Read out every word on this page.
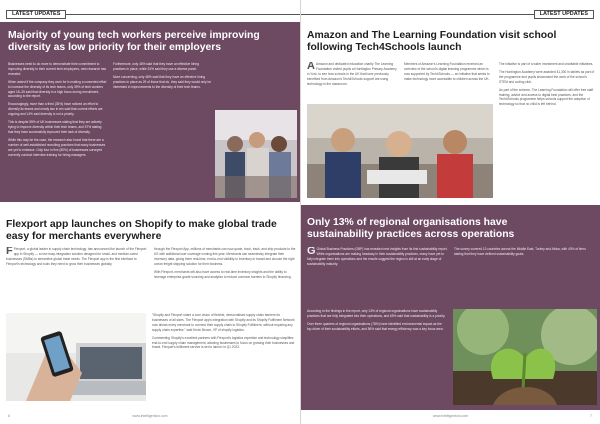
LATEST UPDATES
Majority of young tech workers perceive improving diversity as low priority for their employers

Businesses need to do more to demonstrate their commitment to improving diversity to their current tech employees, new research has revealed.

When asked if the company they work for is making a concerted effort to increase the diversity of its tech teams, only 39% of tech workers aged 18–35 said that diversity is a high focus during recruitment, according to the report.

Encouragingly, more than a third (35%) have noticed an effort to diversify its teams and nearly two in ten said that current efforts are ongoing and 14% said diversity is not a priority.

This is despite 55% of UK businesses stating that they are actively trying to improve diversity within their tech teams, and 57% stating that they have successfully improved their lack of diversity.

While this may be the case, the research also found that there are a number of well-established recruiting practices that many businesses are yet to embrace. Only four in five (80%) of businesses surveyed currently conduct interview training for hiring managers.

Furthermore, only 48% said that they have an effective hiring practices in place, while 33% said they use a diverse panel.

More concerning, only 48% said that they have an effective hiring practices in place as 29 of those that do, they said they would only be interested in improvements to the diversity of their tech teams.

Flexport app launches on Shopify to make global trade easy for merchants everywhere

F Flexport, a global leader in supply chain technology, has announced the launch of the Flexport app in Shopify — a new easy-integration solution designed for small- and medium-sized businesses (SMBs) to streamline global trade needs. The Flexport app is the first interface to Flexport's technology and tools they need to grow their businesses globally.

through the Flexport App, millions of merchants can now quote, book, track, and ship products to the US with additional user coverage coming this year. Merchants can seamlessly integrate their inventory data, giving them real-time, end-to-end visibility to inventory in transit and choose the right ocean freight shipping solution for their business.

With Flexport, merchants will also have access to real-time inventory insights and the ability to leverage enterprise-grade sourcing and analytics to reduce common barriers to Shopify financing.

"Shopify and Flexport share a core vision of flexible, democratised supply chain barriers for businesses of all sizes. The Flexport app's integration with Shopify and its Shopify Fulfilment Network now allows every merchant to connect their supply chain to Shopify Fulfilment, without requiring any supply chain expertise," said Kevin Brown, VP of shopify logistics.

Commenting Shopify's excellent partners with Flexport's logistics expertise and technology simplifies end-to-end supply chain management, allowing businesses to focus on growing their businesses and brand. Flexport's fulfilment service is set to launch in Q1 2023.

6	www.intelligentcio.com
LATEST UPDATES
Amazon and The Learning Foundation visit school following Tech4Schools launch

A Amazon and dedicated education charity The Learning Foundation visited pupils at Huntington Primary Academy in York, to see how schools in the UK that have previously benefited from Amazon's Tech4Schools support are using technology in the classroom.

Members of Amazon's Learning Foundation received an overview of the school's digital learning programme which is now supported by Tech4Schools — an initiative that seeks to make technology more accessible to children across the UK.

The initiative is part of a wider investment and charitable initiatives.

The Huntington Academy were awarded £1,300 in tablets as part of the programme and pupils showcased the work of the school's STEM and coding club.

As part of the scheme, The Learning Foundation will offer free staff training, advice and access to digital best practices, and the Tech4Schools programme helps schools support the adoption of technology so that no child is left behind.

Only 13% of regional organisations have sustainability practices across operations

G Global Business Practices (GBP) has revealed new insights from its first sustainability report. While organisations are making headway in their sustainability practices, many have yet to fully integrate them into operations and the results suggest the region is still at an early stage of sustainability maturity.

The survey covered 13 countries across the Middle East, Turkey and Africa, with 40% of firms stating that they have defined sustainability goals.

According to the findings in the report, only 13% of regional organisations have sustainability practices that are fully integrated into their operations, and 65% said that sustainability is a priority.

Over three quarters of regional organisations (78%) have identified environmental impact as the top driver of their sustainability efforts, and 56% said that energy efficiency was a key focus area.

www.intelligentcio.com	7
